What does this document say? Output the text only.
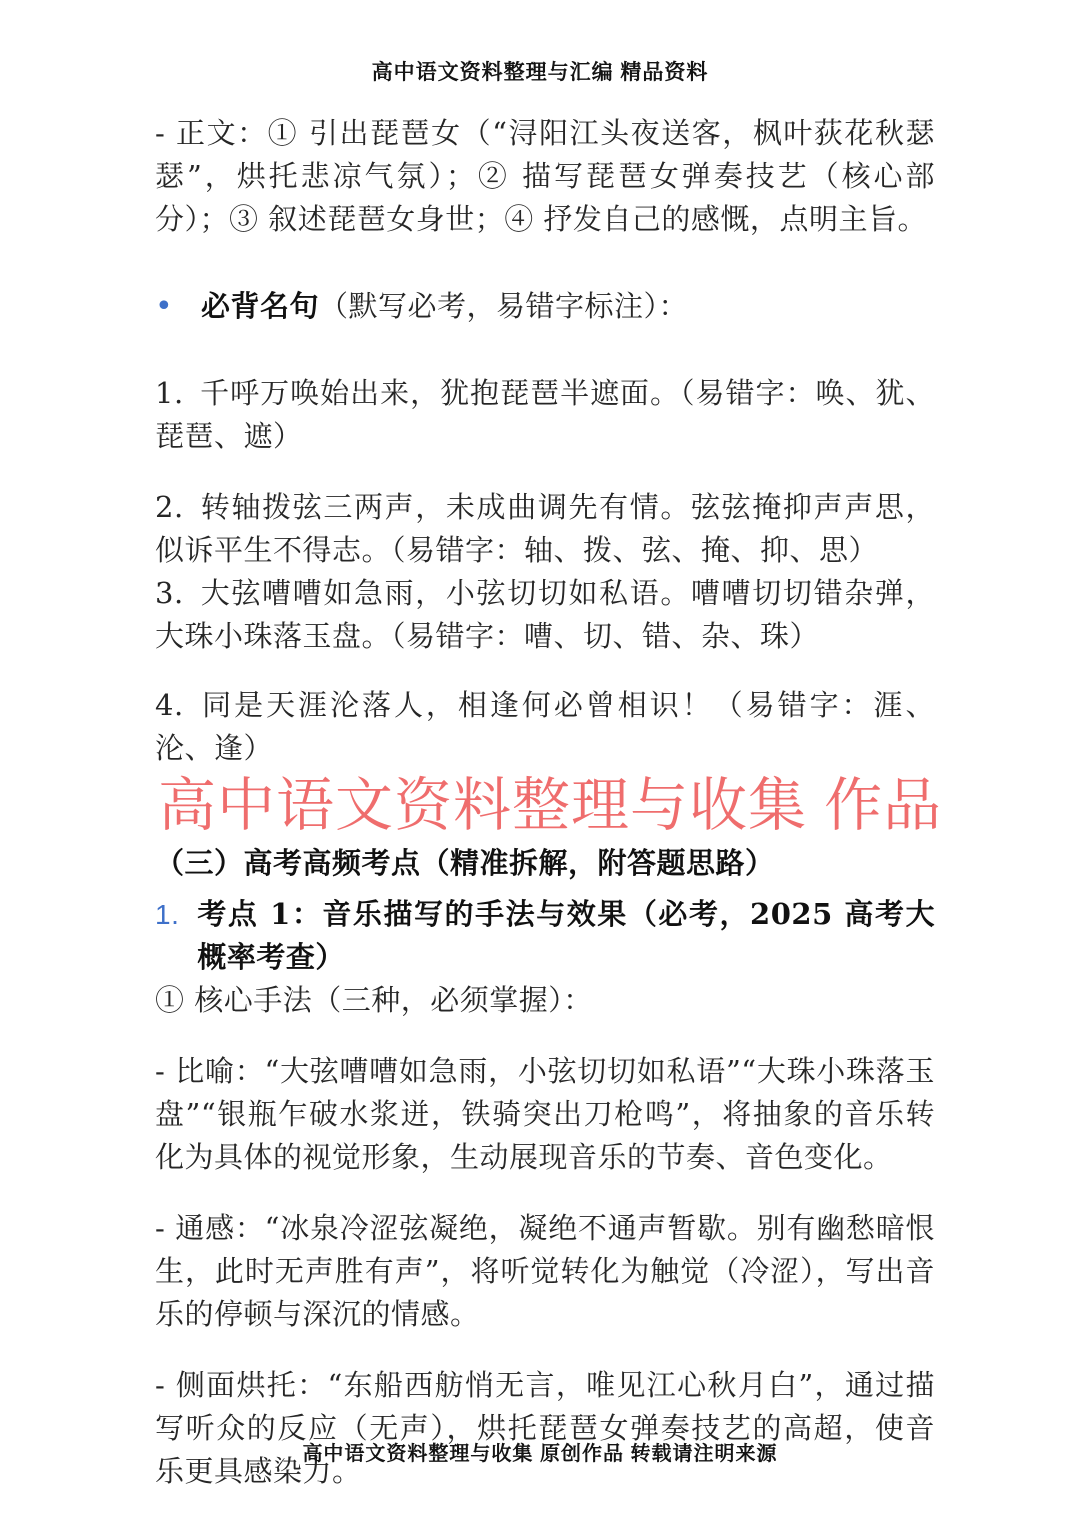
高中语文资料整理与汇编 精品资料

- 正文：① 引出琵琶女（“浔阳江头夜送客，枫叶荻花秋瑟瑟”，烘托悲凉气氛）；② 描写琵琶女弹奏技艺（核心部分）；③ 叙述琵琶女身世；④ 抒发自己的感慨，点明主旨。

• 必背名句（默写必考，易错字标注）：

1. 千呼万唤始出来，犹抱琵琶半遮面。（易错字：唤、犹、琵琶、遮）

2. 转轴拨弦三两声，未成曲调先有情。弦弦掩抑声声思，似诉平生不得志。（易错字：轴、拨、弦、掩、抑、思）

3. 大弦嘈嘈如急雨，小弦切切如私语。嘈嘈切切错杂弹，大珠小珠落玉盘。（易错字：嘈、切、错、杂、珠）

4. 同是天涯沦落人，相逢何必曾相识！（易错字：涯、沦、逢）

高中语文资料整理与收集 作品
（三）高考高频考点（精准拆解，附答题思路）
1. 考点 1：音乐描写的手法与效果（必考，2025 高考大概率考查）

① 核心手法（三种，必须掌握）：

- 比喻：“大弦嘈嘈如急雨，小弦切切如私语”“大珠小珠落玉盘”“银瓶乍破水浆迸，铁骑突出刀枪鸣”，将抽象的音乐转化为具体的视觉形象，生动展现音乐的节奏、音色变化。

- 通感：“冰泉冷涩弦凝绝，凝绝不通声暂歇。别有幽愁暗恨生，此时无声胜有声”，将听觉转化为触觉（冷涩），写出音乐的停顿与深沉的情感。

- 侧面烘托：“东船西舫悄无言，唯见江心秋月白”，通过描写听众的反应（无声），烘托琵琶女弹奏技艺的高超，使音乐更具感染力。

高中语文资料整理与收集 原创作品 转载请注明来源
